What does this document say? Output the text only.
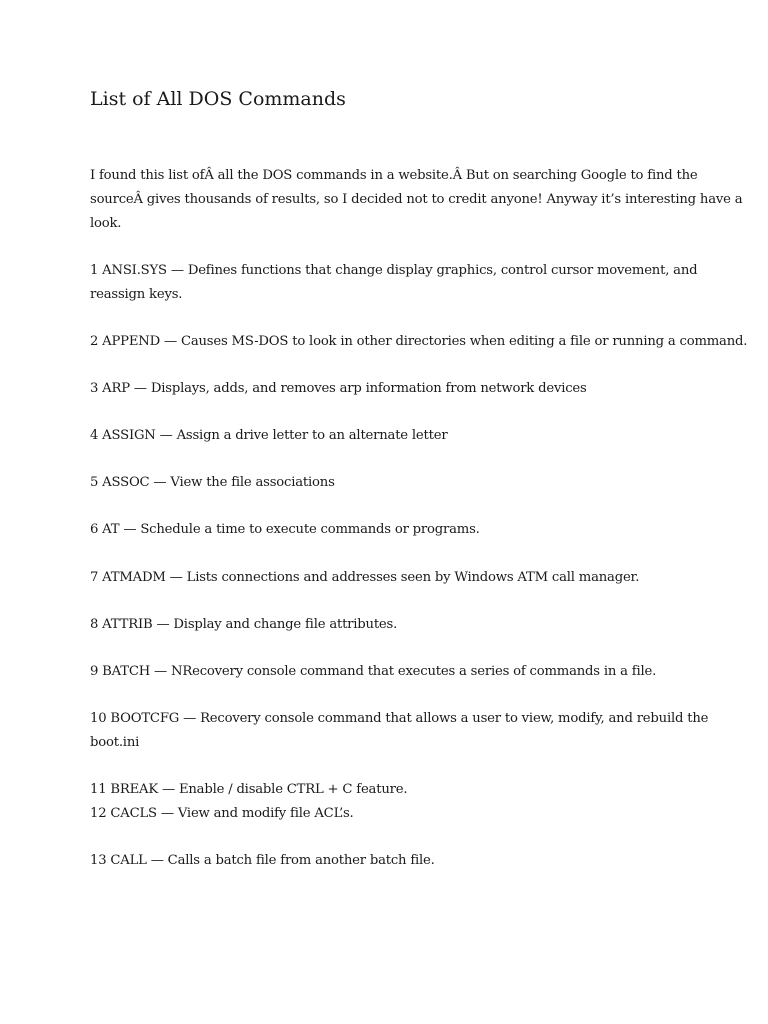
List of All DOS Commands

I found this list ofÂ all the DOS commands in a website.Â But on searching Google to find the
sourceÂ gives thousands of results, so I decided not to credit anyone! Anyway it’s interesting have a
look.

1 ANSI.SYS — Defines functions that change display graphics, control cursor movement, and
reassign keys.

2 APPEND — Causes MS-DOS to look in other directories when editing a file or running a command.

3 ARP — Displays, adds, and removes arp information from network devices

4 ASSIGN — Assign a drive letter to an alternate letter

5 ASSOC — View the file associations

6 AT — Schedule a time to execute commands or programs.

7 ATMADM — Lists connections and addresses seen by Windows ATM call manager.

8 ATTRIB — Display and change file attributes.

9 BATCH — NRecovery console command that executes a series of commands in a file.

10 BOOTCFG — Recovery console command that allows a user to view, modify, and rebuild the
boot.ini

11 BREAK — Enable / disable CTRL + C feature.
12 CACLS — View and modify file ACL’s.

13 CALL — Calls a batch file from another batch file.
